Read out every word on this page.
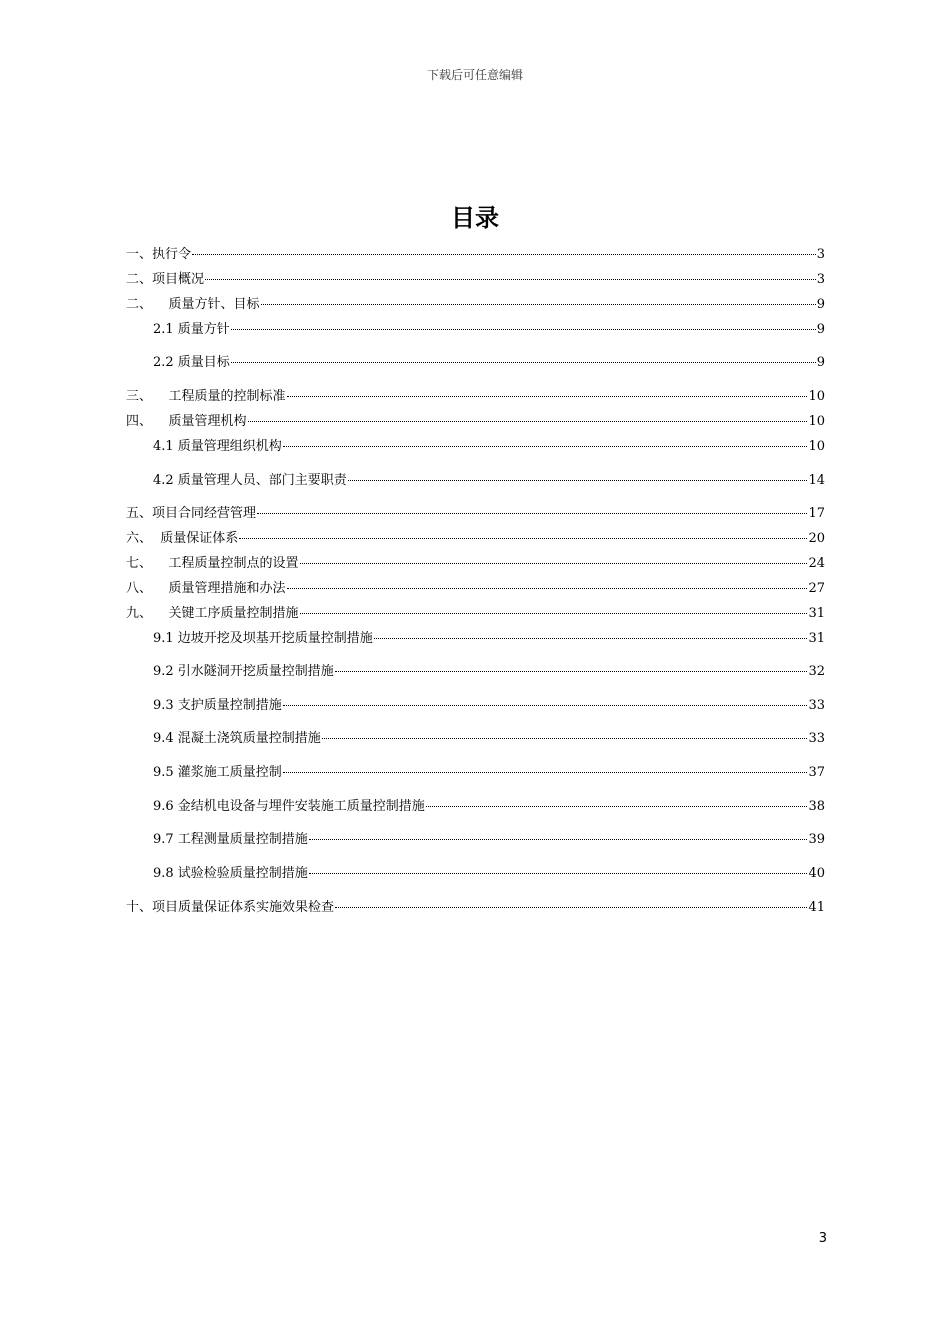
下载后可任意编辑
目录
一、执行令	3
二、项目概况	3
二、    质量方针、目标	9
2.1 质量方针	9
2.2 质量目标	9
三、    工程质量的控制标准	10
四、    质量管理机构	10
4.1 质量管理组织机构	10
4.2 质量管理人员、部门主要职责	14
五、项目合同经营管理	17
六、  质量保证体系	20
七、    工程质量控制点的设置	24
八、    质量管理措施和办法	27
九、    关键工序质量控制措施	31
9.1 边坡开挖及坝基开挖质量控制措施	31
9.2 引水隧洞开挖质量控制措施	32
9.3 支护质量控制措施	33
9.4 混凝土浇筑质量控制措施	33
9.5 灌浆施工质量控制	37
9.6 金结机电设备与埋件安装施工质量控制措施	38
9.7 工程测量质量控制措施	39
9.8 试验检验质量控制措施	40
十、项目质量保证体系实施效果检查	41
3
